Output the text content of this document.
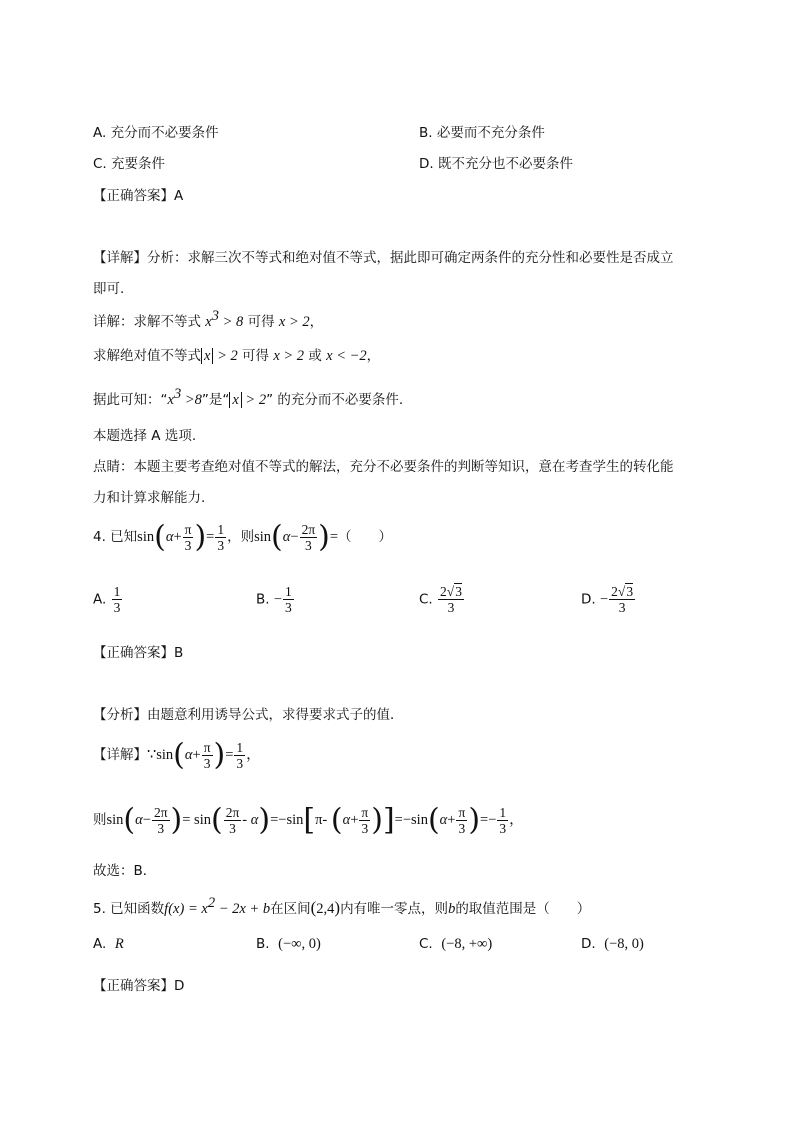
A. 充分而不必要条件	B. 必要而不充分条件
C. 充要条件	D. 既不充分也不必要条件
【正确答案】A
【详解】分析：求解三次不等式和绝对值不等式，据此即可确定两条件的充分性和必要性是否成立
即可.
详解：求解不等式 $x^3 > 8$ 可得 x > 2，
求解绝对值不等式 x > 2 可得 x > 2 或 x < −2，
据此可知：“$x^3 >8$”是“ x > 2” 的充分而不必要条件.
本题选择 A 选项.
点睛：本题主要考查绝对值不等式的解法，充分不必要条件的判断等知识，意在考查学生的转化能
力和计算求解能力.
4. 已知$\sin(\alpha+ \frac{\pi}{3}$ )= $\frac{1}{3}$ ，则$\sin(\alpha- \frac{2\pi}{3}$ )=（　　）
A. $\frac{1}{3}$	B. − $\frac{1}{3}$	C. $\frac{2√3}{3}$	D. − $\frac{2√3}{3}$
【正确答案】B
【分析】由题意利用诱导公式，求得要求式子的值．
【详解】∵sin(α+ $\frac{\pi}{3}$ )= $\frac{1}{3}$ ，
则$\sin(\alpha- \frac{2\pi}{3}$ )= $\sin( \frac{2\pi}{3} - \alpha)=-\sin[\pi-$ $(\alpha+ \frac{\pi}{3} )]=-\sin(\alpha+ \frac{\pi}{3}$ )=− $\frac{1}{3}$ ，
故选：B．
5. 已知函数$f(x) = x^2 - 2x + b$在区间(2,4)内有唯一零点，则b的取值范围是（　　）
A. R	B. (−∞, 0)	C. (−8, +∞)	D. (−8, 0)
【正确答案】D
